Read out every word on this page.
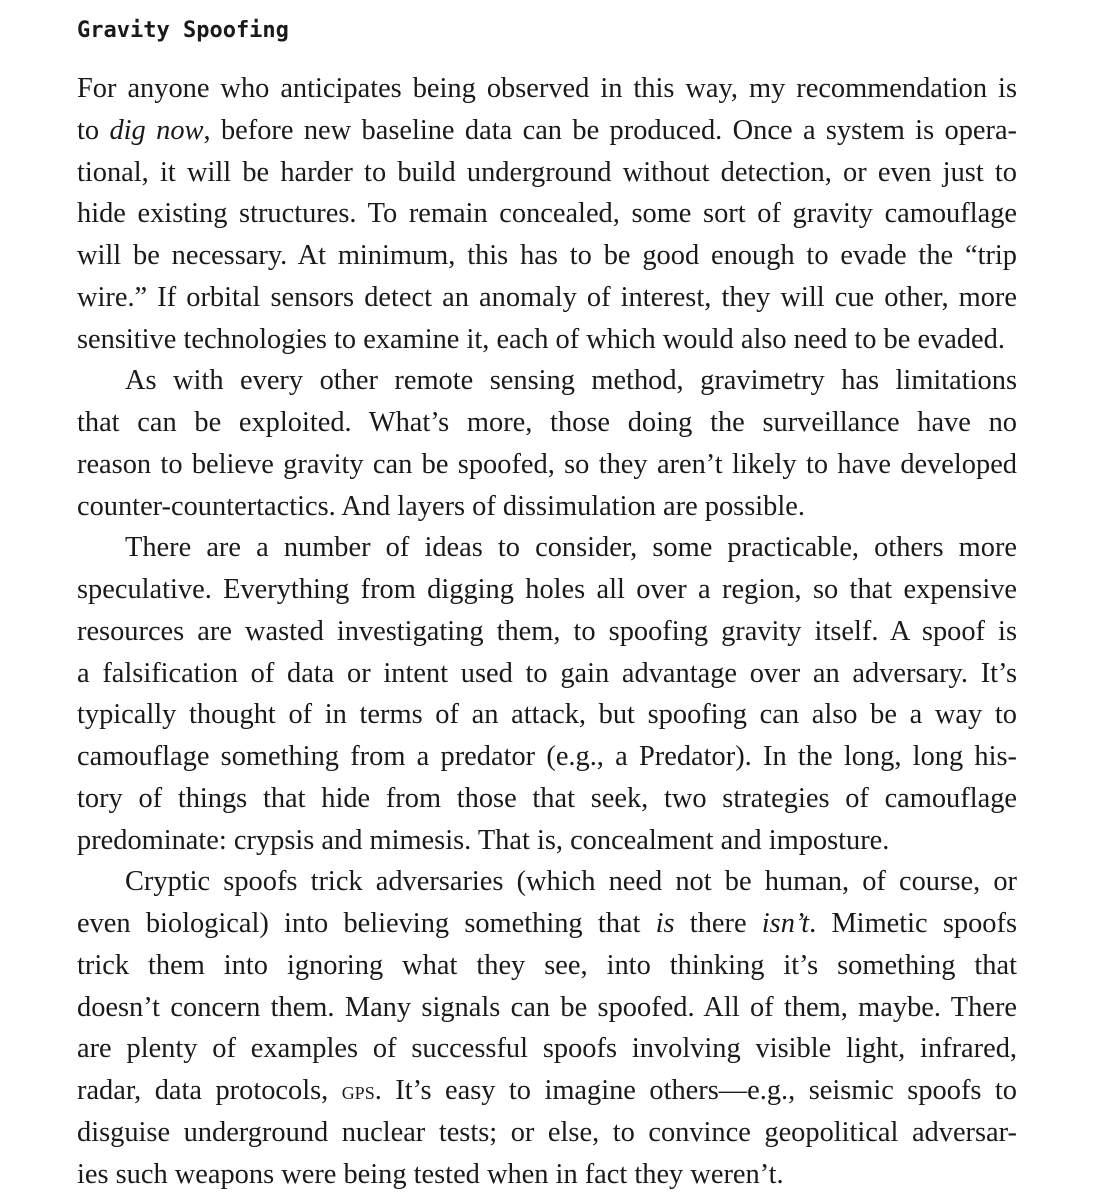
Gravity Spoofing
For anyone who anticipates being observed in this way, my recommendation is
to dig now, before new baseline data can be produced. Once a system is opera-
tional, it will be harder to build underground without detection, or even just to
hide existing structures. To remain concealed, some sort of gravity camouflage
will be necessary. At minimum, this has to be good enough to evade the “trip
wire.” If orbital sensors detect an anomaly of interest, they will cue other, more
sensitive technologies to examine it, each of which would also need to be evaded.
As with every other remote sensing method, gravimetry has limitations
that can be exploited. What’s more, those doing the surveillance have no
reason to believe gravity can be spoofed, so they aren’t likely to have developed
counter-countertactics. And layers of dissimulation are possible.
There are a number of ideas to consider, some practicable, others more
speculative. Everything from digging holes all over a region, so that expensive
resources are wasted investigating them, to spoofing gravity itself. A spoof is
a falsification of data or intent used to gain advantage over an adversary. It’s
typically thought of in terms of an attack, but spoofing can also be a way to
camouflage something from a predator (e.g., a Predator). In the long, long his-
tory of things that hide from those that seek, two strategies of camouflage
predominate: crypsis and mimesis. That is, concealment and imposture.
Cryptic spoofs trick adversaries (which need not be human, of course, or
even biological) into believing something that is there isn’t. Mimetic spoofs
trick them into ignoring what they see, into thinking it’s something that
doesn’t concern them. Many signals can be spoofed. All of them, maybe. There
are plenty of examples of successful spoofs involving visible light, infrared,
radar, data protocols, gps. It’s easy to imagine others—e.g., seismic spoofs to
disguise underground nuclear tests; or else, to convince geopolitical adversar-
ies such weapons were being tested when in fact they weren’t.
